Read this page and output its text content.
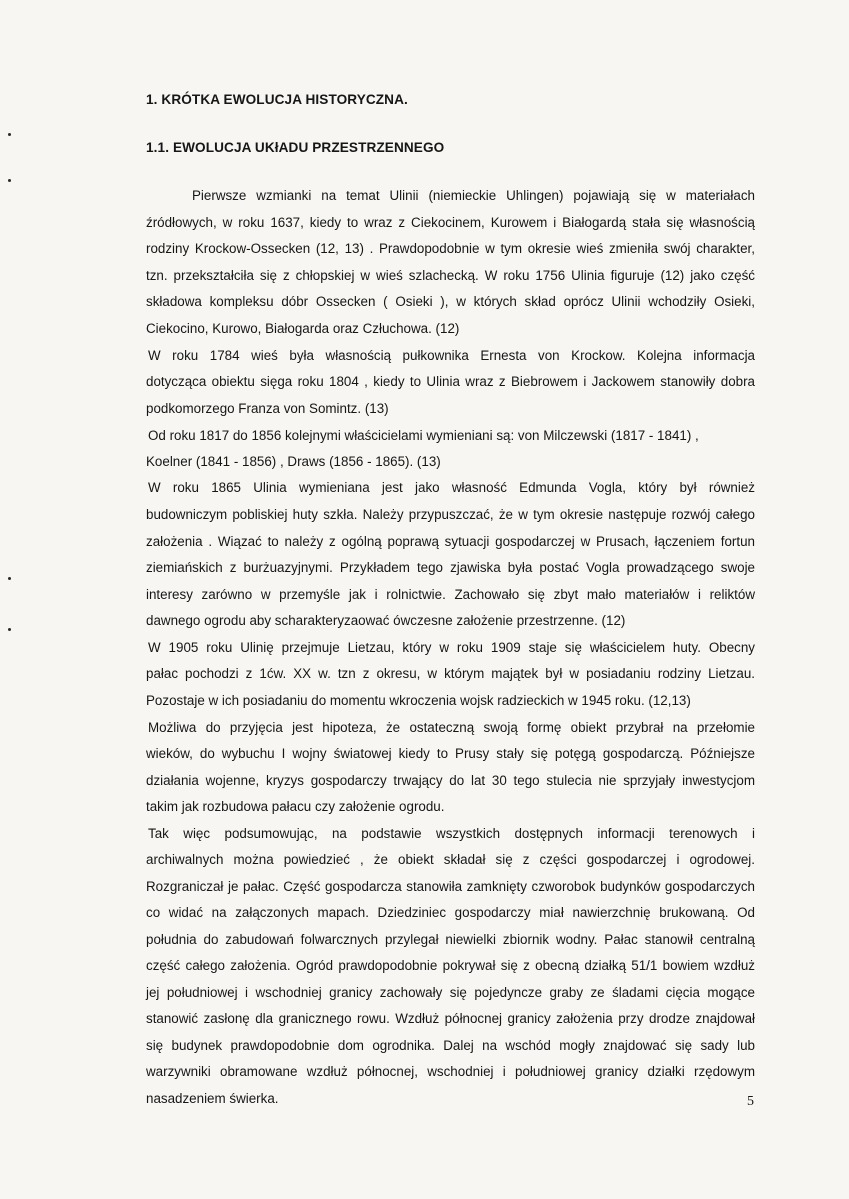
1. KRÓTKA EWOLUCJA HISTORYCZNA.
1.1. EWOLUCJA UKłADU PRZESTRZENNEGO
Pierwsze wzmianki na temat Ulinii (niemieckie Uhlingen) pojawiają się w materiałach
źródłowych, w roku 1637, kiedy to wraz z Ciekocinem, Kurowem i Białogardą stała się własnością
rodziny Krockow-Ossecken (12, 13) . Prawdopodobnie w tym okresie wieś zmieniła swój charakter,
tzn. przekształciła się z chłopskiej w wieś szlachecką. W roku 1756 Ulinia figuruje (12) jako część
składowa kompleksu dóbr Ossecken ( Osieki ), w których skład oprócz Ulinii wchodziły Osieki,
Ciekocino, Kurowo, Białogarda oraz Człuchowa. (12)
W roku 1784 wieś była własnością pułkownika Ernesta von Krockow. Kolejna informacja
dotycząca obiektu sięga roku 1804 , kiedy to Ulinia wraz z Biebrowem i Jackowem stanowiły dobra
podkomorzego Franza von Somintz. (13)
Od roku 1817 do 1856 kolejnymi właścicielami wymieniani są: von Milczewski (1817 - 1841) ,
Koelner (1841 - 1856) , Draws (1856 - 1865). (13)
W roku 1865 Ulinia wymieniana jest jako własność Edmunda Vogla, który był również
budowniczym pobliskiej huty szkła. Należy przypuszczać, że w tym okresie następuje rozwój całego
założenia . Wiązać to należy z ogólną poprawą sytuacji gospodarczej w Prusach, łączeniem fortun
ziemiańskich z burżuazyjnymi. Przykładem tego zjawiska była postać Vogla prowadzącego swoje
interesy zarówno w przemyśle jak i rolnictwie. Zachowało się zbyt mało materiałów i reliktów
dawnego ogrodu aby scharakteryzaować ówczesne założenie przestrzenne. (12)
W 1905 roku Ulinię przejmuje Lietzau, który w roku 1909 staje się właścicielem huty. Obecny
pałac pochodzi z 1ćw. XX w. tzn z okresu, w którym majątek był w posiadaniu rodziny Lietzau.
Pozostaje w ich posiadaniu do momentu wkroczenia wojsk radzieckich w 1945 roku. (12,13)
Możliwa do przyjęcia jest hipoteza, że ostateczną swoją formę obiekt przybrał na przełomie
wieków, do wybuchu I wojny światowej kiedy to Prusy stały się potęgą gospodarczą. Późniejsze
działania wojenne, kryzys gospodarczy trwający do lat 30 tego stulecia nie sprzyjały inwestycjom
takim jak rozbudowa pałacu czy założenie ogrodu.
Tak więc podsumowując, na podstawie wszystkich dostępnych informacji terenowych i
archiwalnych można powiedzieć , że obiekt składał się z części gospodarczej i ogrodowej.
Rozgraniczał je pałac. Część gospodarcza stanowiła zamknięty czworobok budynków gospodarczych
co widać na załączonych mapach. Dziedziniec gospodarczy miał nawierzchnię brukowaną. Od
południa do zabudowań folwarcznych przylegał niewielki zbiornik wodny. Pałac stanowił centralną
część całego założenia. Ogród prawdopodobnie pokrywał się z obecną działką 51/1 bowiem wzdłuż
jej południowej i wschodniej granicy zachowały się pojedyncze graby ze śladami cięcia mogące
stanowić zasłonę dla granicznego rowu. Wzdłuż północnej granicy założenia przy drodze znajdował
się budynek prawdopodobnie dom ogrodnika. Dalej na wschód mogły znajdować się sady lub
warzywniki obramowane wzdłuż północnej, wschodniej i południowej granicy działki rzędowym
nasadzeniem świerka.	5
